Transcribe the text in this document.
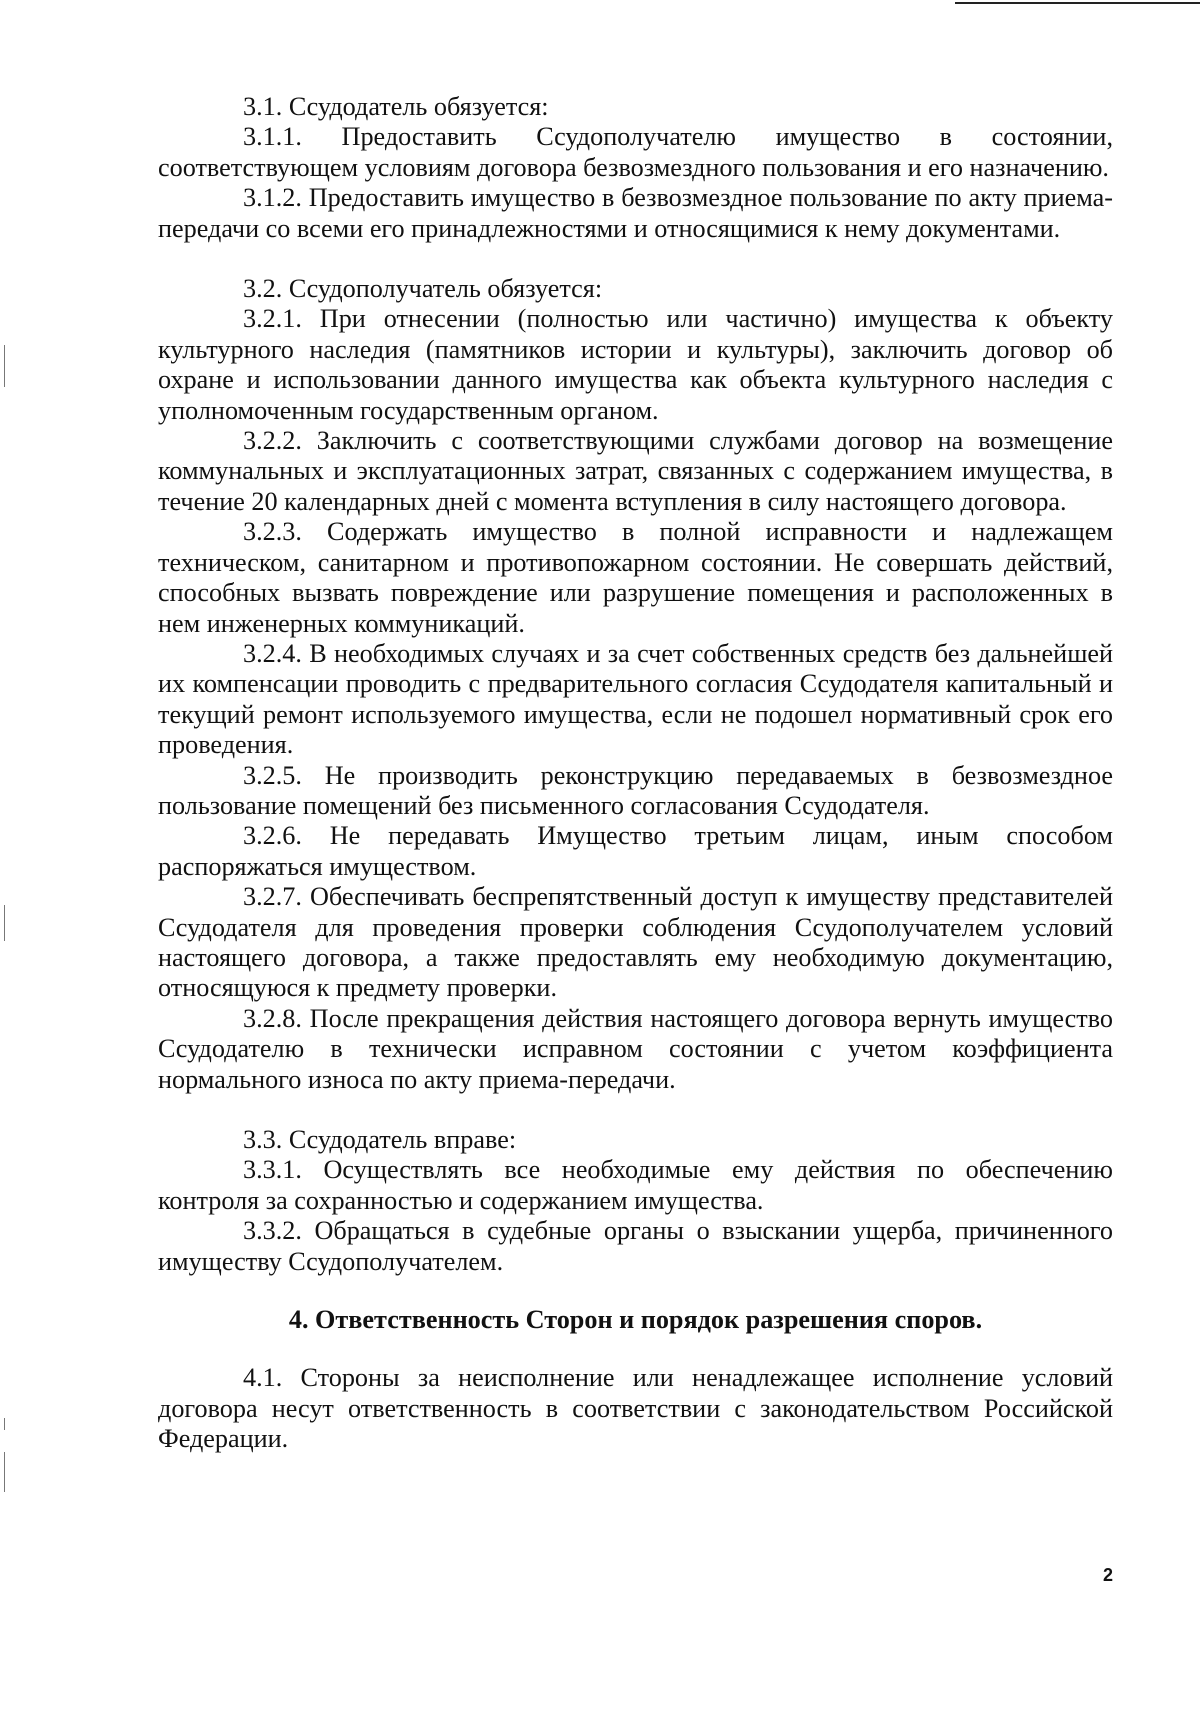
3.1. Ссудодатель обязуется:

3.1.1. Предоставить Ссудополучателю имущество в состоянии, соответствующем условиям договора безвозмездного пользования и его назначению.

3.1.2. Предоставить имущество в безвозмездное пользование по акту приема-передачи со всеми его принадлежностями и относящимися к нему документами.

3.2. Ссудополучатель обязуется:

3.2.1. При отнесении (полностью или частично) имущества к объекту культурного наследия (памятников истории и культуры), заключить договор об охране и использовании данного имущества как объекта культурного наследия с уполномоченным государственным органом.

3.2.2. Заключить с соответствующими службами договор на возмещение коммунальных и эксплуатационных затрат, связанных с содержанием имущества, в течение 20 календарных дней с момента вступления в силу настоящего договора.

3.2.3. Содержать имущество в полной исправности и надлежащем техническом, санитарном и противопожарном состоянии. Не совершать действий, способных вызвать повреждение или разрушение помещения и расположенных в нем инженерных коммуникаций.

3.2.4. В необходимых случаях и за счет собственных средств без дальнейшей их компенсации проводить с предварительного согласия Ссудодателя капитальный и текущий ремонт используемого имущества, если не подошел нормативный срок его проведения.

3.2.5. Не производить реконструкцию передаваемых в безвозмездное пользование помещений без письменного согласования Ссудодателя.

3.2.6. Не передавать Имущество третьим лицам, иным способом распоряжаться имуществом.

3.2.7. Обеспечивать беспрепятственный доступ к имуществу представителей Ссудодателя для проведения проверки соблюдения Ссудополучателем условий настоящего договора, а также предоставлять ему необходимую документацию, относящуюся к предмету проверки.

3.2.8. После прекращения действия настоящего договора вернуть имущество Ссудодателю в технически исправном состоянии с учетом коэффициента нормального износа по акту приема-передачи.

3.3. Ссудодатель вправе:

3.3.1. Осуществлять все необходимые ему действия по обеспечению контроля за сохранностью и содержанием имущества.

3.3.2. Обращаться в судебные органы о взыскании ущерба, причиненного имуществу Ссудополучателем.

4. Ответственность Сторон и порядок разрешения споров.

4.1. Стороны за неисполнение или ненадлежащее исполнение условий договора несут ответственность в соответствии с законодательством Российской Федерации.

2
